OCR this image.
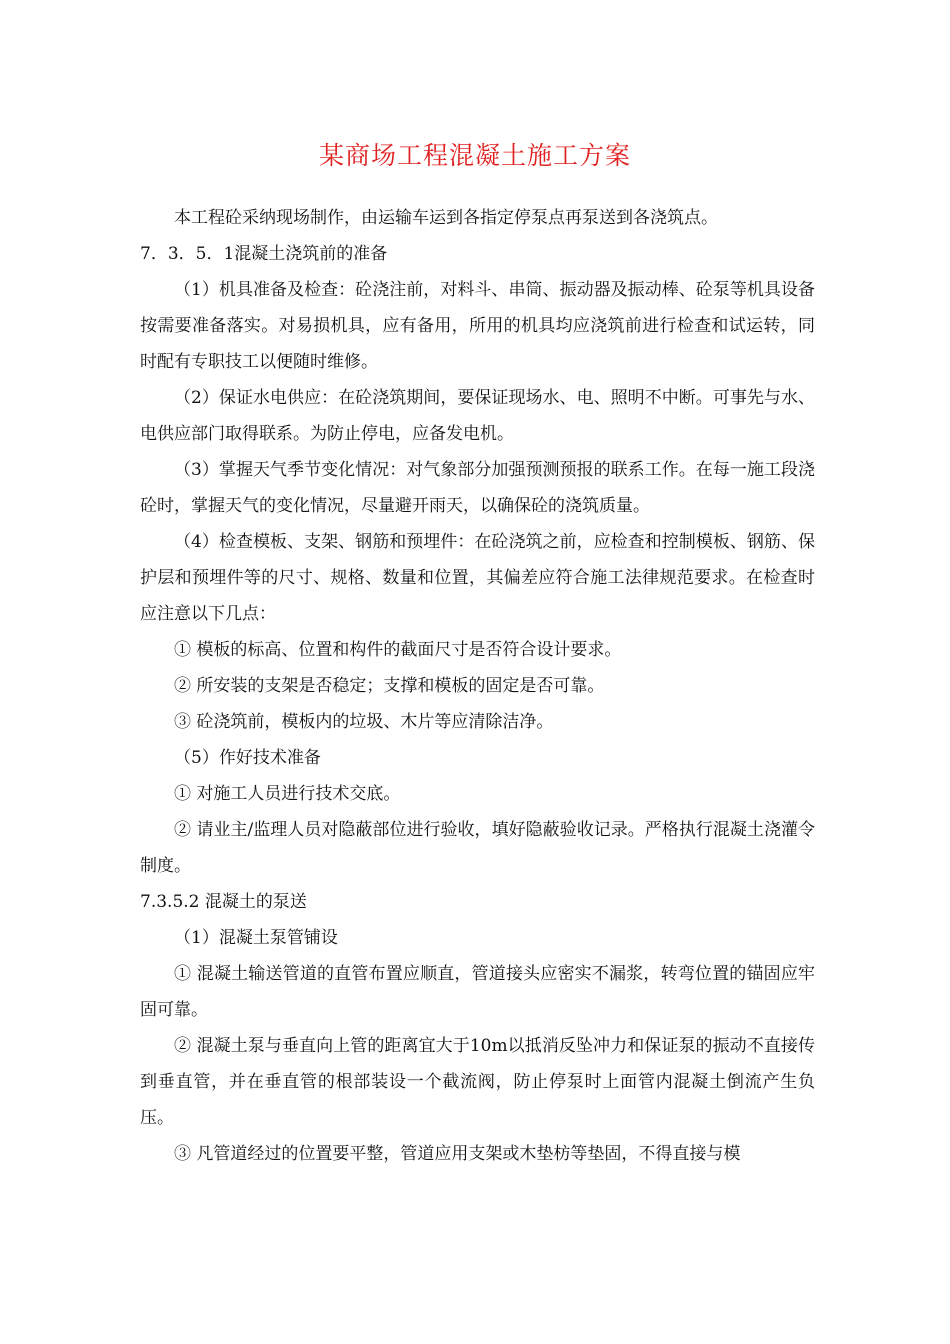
某商场工程混凝土施工方案

本工程砼采纳现场制作，由运输车运到各指定停泵点再泵送到各浇筑点。

7．3．5．1混凝土浇筑前的准备

（1）机具准备及检查：砼浇注前，对料斗、串筒、振动器及振动棒、砼泵等机具设备按需要准备落实。对易损机具，应有备用，所用的机具均应浇筑前进行检查和试运转，同时配有专职技工以便随时维修。

（2）保证水电供应：在砼浇筑期间，要保证现场水、电、照明不中断。可事先与水、电供应部门取得联系。为防止停电，应备发电机。

（3）掌握天气季节变化情况：对气象部分加强预测预报的联系工作。在每一施工段浇砼时，掌握天气的变化情况，尽量避开雨天，以确保砼的浇筑质量。

（4）检查模板、支架、钢筋和预埋件：在砼浇筑之前，应检查和控制模板、钢筋、保护层和预埋件等的尺寸、规格、数量和位置，其偏差应符合施工法律规范要求。在检查时应注意以下几点：

① 模板的标高、位置和构件的截面尺寸是否符合设计要求。

② 所安装的支架是否稳定；支撑和模板的固定是否可靠。

③ 砼浇筑前，模板内的垃圾、木片等应清除洁净。

（5）作好技术准备

① 对施工人员进行技术交底。

② 请业主/监理人员对隐蔽部位进行验收，填好隐蔽验收记录。严格执行混凝土浇灌令制度。

7.3.5.2 混凝土的泵送

（1）混凝土泵管铺设

① 混凝土输送管道的直管布置应顺直，管道接头应密实不漏浆，转弯位置的锚固应牢固可靠。

② 混凝土泵与垂直向上管的距离宜大于10m以抵消反坠冲力和保证泵的振动不直接传到垂直管，并在垂直管的根部装设一个截流阀，防止停泵时上面管内混凝土倒流产生负压。

③ 凡管道经过的位置要平整，管道应用支架或木垫枋等垫固，不得直接与模
